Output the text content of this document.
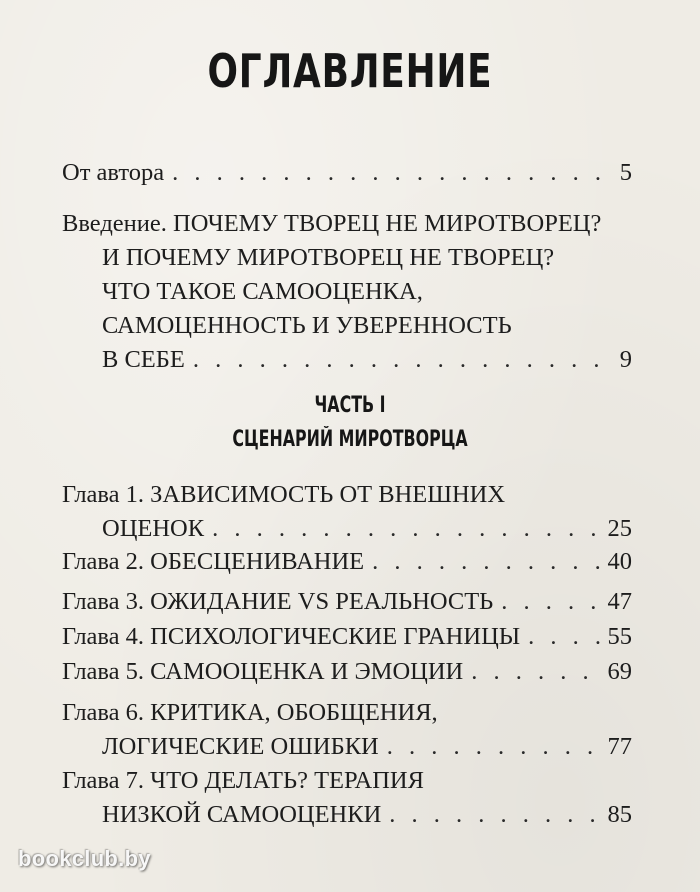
ОГЛАВЛЕНИЕ
От автора . . .	5
Введение. ПОЧЕМУ ТВОРЕЦ НЕ МИРОТВОРЕЦ?
И ПОЧЕМУ МИРОТВОРЕЦ НЕ ТВОРЕЦ?
ЧТО ТАКОЕ САМООЦЕНКА,
САМОЦЕННОСТЬ И УВЕРЕННОСТЬ
В СЕБЕ . . .	9
ЧАСТЬ I
СЦЕНАРИЙ МИРОТВОРЦА
Глава 1. ЗАВИСИМОСТЬ ОТ ВНЕШНИХ
ОЦЕНОК . . .	25
Глава 2. ОБЕСЦЕНИВАНИЕ . . .	40
Глава 3. ОЖИДАНИЕ VS РЕАЛЬНОСТЬ . . .	47
Глава 4. ПСИХОЛОГИЧЕСКИЕ ГРАНИЦЫ . . .	55
Глава 5. САМООЦЕНКА И ЭМОЦИИ . . .	69
Глава 6. КРИТИКА, ОБОБЩЕНИЯ,
ЛОГИЧЕСКИЕ ОШИБКИ . . .	77
Глава 7. ЧТО ДЕЛАТЬ? ТЕРАПИЯ
НИЗКОЙ САМООЦЕНКИ . . .	85
bookclub.by
